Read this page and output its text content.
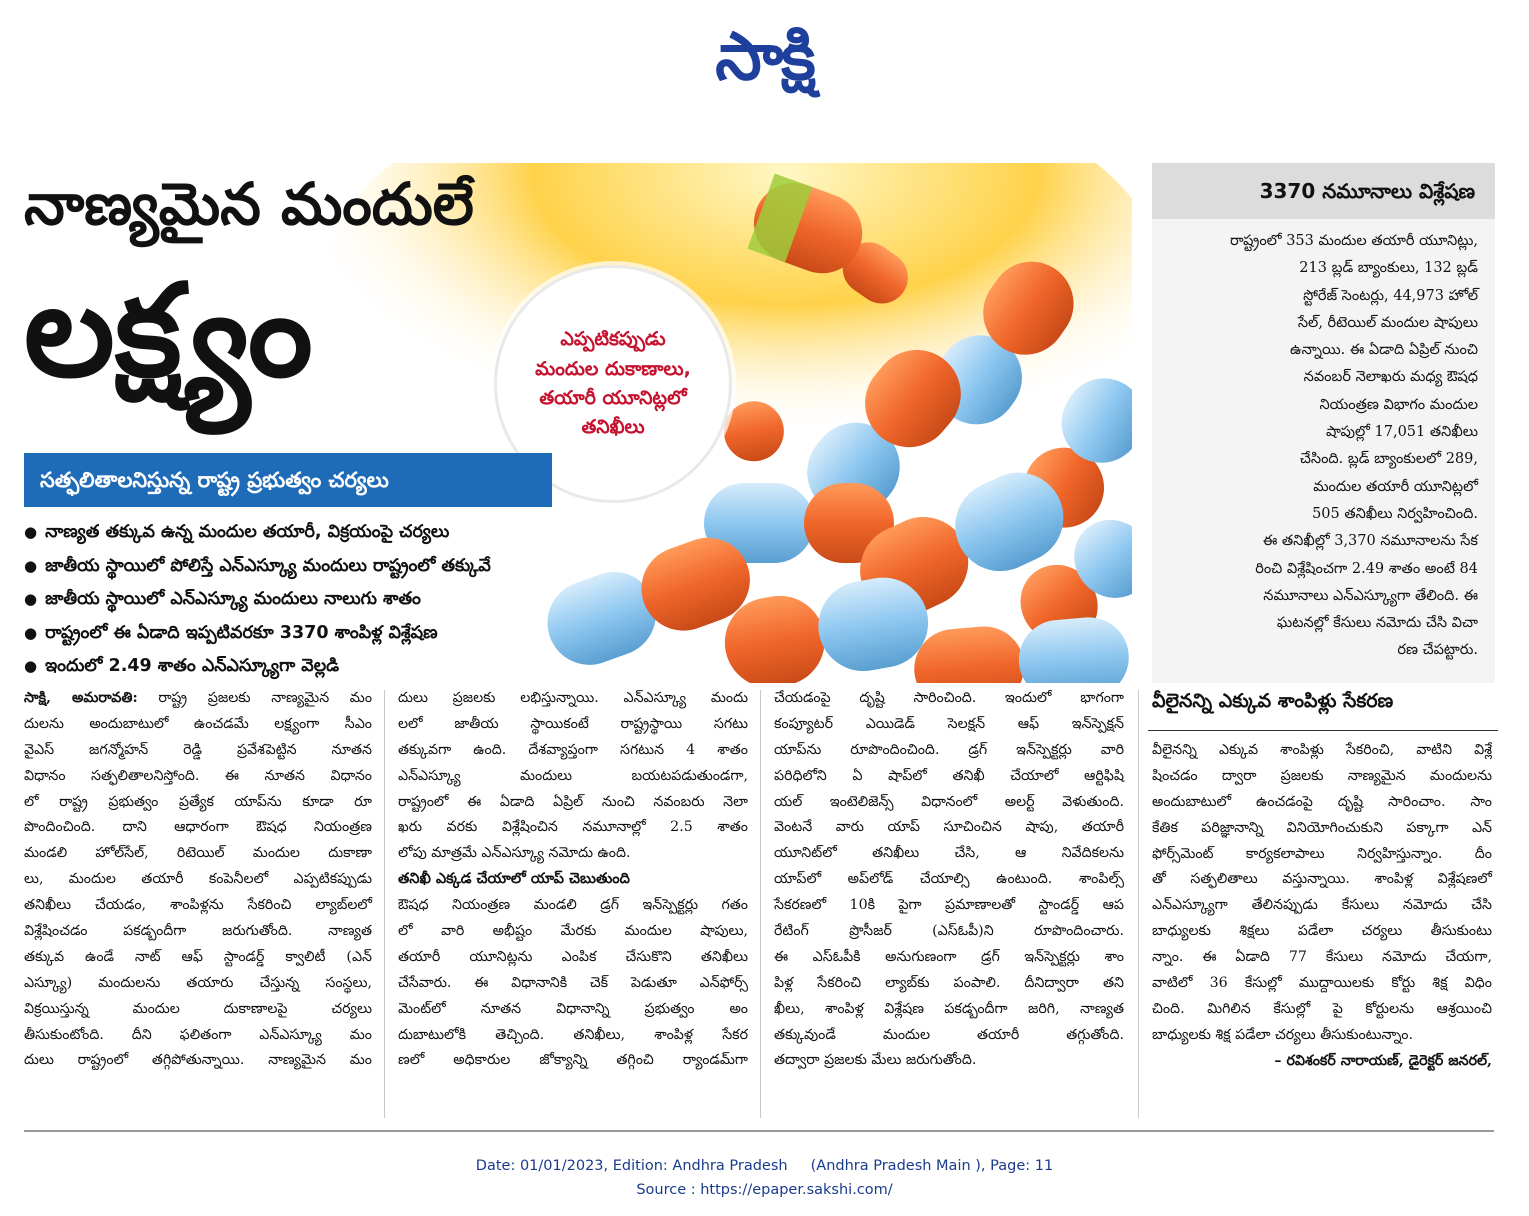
సాక్షి
నాణ్యమైన మందులే
లక్ష్యం	ఎప్పటికప్పుడు
మందుల దుకాణాలు,
తయారీ యూనిట్లలో
తనిఖీలు
సత్ఫలితాలనిస్తున్న రాష్ట్ర ప్రభుత్వం చర్యలు
● నాణ్యత తక్కువ ఉన్న మందుల తయారీ, విక్రయంపై చర్యలు
● జాతీయ స్థాయిలో పోలిస్తే ఎన్ఎస్క్యూ మందులు రాష్ట్రంలో తక్కువే
● జాతీయ స్థాయిలో ఎన్ఎస్క్యూ మందులు నాలుగు శాతం
● రాష్ట్రంలో ఈ ఏడాది ఇప్పటివరకూ 3370 శాంపిళ్ల విశ్లేషణ
● ఇందులో 2.49 శాతం ఎన్ఎస్క్యూగా వెల్లడి
3370 నమూనాలు విశ్లేషణ
రాష్ట్రంలో 353 మందుల తయారీ యూనిట్లు,
213 బ్లడ్ బ్యాంకులు, 132 బ్లడ్
స్టోరేజ్ సెంటర్లు, 44,973 హోల్
సేల్, రీటెయిల్ మందుల షాపులు
ఉన్నాయి. ఈ ఏడాది ఏప్రిల్ నుంచి
నవంబర్ నెలాఖరు మధ్య ఔషధ
నియంత్రణ విభాగం మందుల
షాపుల్లో 17,051 తనిఖీలు
చేసింది. బ్లడ్ బ్యాంకులలో 289,
మందుల తయారీ యూనిట్లలో
505 తనిఖీలు నిర్వహించింది.
ఈ తనిఖీల్లో 3,370 నమూనాలను సేక
రించి విశ్లేషించగా 2.49 శాతం అంటే 84
నమూనాలు ఎన్ఎస్క్యూగా తేలింది. ఈ
ఘటనల్లో కేసులు నమోదు చేసి విచా
రణ చేపట్టారు.
సాక్షి, అమరావతి: రాష్ట్ర ప్రజలకు నాణ్యమైన మం
దులను అందుబాటులో ఉంచడమే లక్ష్యంగా సీఎం
వైఎస్ జగన్మోహన్ రెడ్డి ప్రవేశపెట్టిన నూతన
విధానం సత్ఫలితాలనిస్తోంది. ఈ నూతన విధానం
లో రాష్ట్ర ప్రభుత్వం ప్రత్యేక యాప్‌ను కూడా రూ
పొందించింది. దాని ఆధారంగా ఔషధ నియంత్రణ
మండలి హోల్‌సేల్, రిటెయిల్ మందుల దుకాణా
లు, మందుల తయారీ కంపెనీలలో ఎప్పటికప్పుడు
తనిఖీలు చేయడం, శాంపిళ్లను సేకరించి ల్యాబ్‌లలో
విశ్లేషించడం పకడ్బందీగా జరుగుతోంది. నాణ్యత
తక్కువ ఉండే నాట్ ఆఫ్ స్టాండర్డ్ క్వాలిటీ (ఎన్
ఎస్క్యూ) మందులను తయారు చేస్తున్న సంస్థలు,
విక్రయిస్తున్న మందుల దుకాణాలపై చర్యలు
తీసుకుంటోంది. దీని ఫలితంగా ఎన్ఎస్క్యూ మం
దులు రాష్ట్రంలో తగ్గిపోతున్నాయి. నాణ్యమైన మం
దులు ప్రజలకు లభిస్తున్నాయి. ఎన్ఎస్క్యూ మందు
లలో జాతీయ స్థాయికంటే రాష్ట్రస్థాయి సగటు
తక్కువగా ఉంది. దేశవ్యాప్తంగా సగటున 4 శాతం
ఎన్ఎస్క్యూ మందులు బయటపడుతుండగా,
రాష్ట్రంలో ఈ ఏడాది ఏప్రిల్ నుంచి నవంబరు నెలా
ఖరు వరకు విశ్లేషించిన నమూనాల్లో 2.5 శాతం
లోపు మాత్రమే ఎన్ఎస్క్యూ నమోదు ఉంది.
తనిఖీ ఎక్కడ చేయాలో యాప్ చెబుతుంది
ఔషధ నియంత్రణ మండలి డ్రగ్ ఇన్‌స్పెక్టర్లు గతం
లో వారి అభీష్టం మేరకు మందుల షాపులు,
తయారీ యూనిట్లను ఎంపిక చేసుకొని తనిఖీలు
చేసేవారు. ఈ విధానానికి చెక్ పెడుతూ ఎన్‌ఫోర్స్
మెంట్‌లో నూతన విధానాన్ని ప్రభుత్వం అం
దుబాటులోకి తెచ్చింది. తనిఖీలు, శాంపిళ్ల సేకర
ణలో అధికారుల జోక్యాన్ని తగ్గించి ర్యాండమ్‌గా
చేయడంపై దృష్టి సారించింది. ఇందులో భాగంగా
కంప్యూటర్ ఎయిడెడ్ సెలక్షన్ ఆఫ్ ఇన్‌స్పెక్షన్
యాప్‌ను రూపొందించింది. డ్రగ్ ఇన్‌స్పెక్టర్లు వారి
పరిధిలోని ఏ షాప్‌లో తనిఖీ చేయాలో ఆర్టిఫిషి
యల్ ఇంటెలిజెన్స్ విధానంలో అలర్ట్ వెళుతుంది.
వెంటనే వారు యాప్ సూచించిన షాపు, తయారీ
యూనిట్‌లో తనిఖీలు చేసి, ఆ నివేదికలను
యాప్‌లో అప్‌లోడ్ చేయాల్సి ఉంటుంది. శాంపిల్స్
సేకరణలో 10కి పైగా ప్రమాణాలతో స్టాండర్డ్ ఆప
రేటింగ్ ప్రొసీజర్ (ఎస్ఓపీ)ని రూపొందించారు.
ఈ ఎస్ఓపీకి అనుగుణంగా డ్రగ్ ఇన్‌స్పెక్టర్లు శాం
పిళ్ల సేకరించి ల్యాబ్‌కు పంపాలి. దీనిద్వారా తని
ఖీలు, శాంపిళ్ల విశ్లేషణ పకడ్బందీగా జరిగి, నాణ్యత
తక్కువుండే మందుల తయారీ తగ్గుతోంది.
తద్వారా ప్రజలకు మేలు జరుగుతోంది.
వీలైనన్ని ఎక్కువ శాంపిళ్లు సేకరణ
వీలైనన్ని ఎక్కువ శాంపిళ్లు సేకరించి, వాటిని విశ్లే
షించడం ద్వారా ప్రజలకు నాణ్యమైన మందులను
అందుబాటులో ఉంచడంపై దృష్టి సారించాం. సాం
కేతిక పరిజ్ఞానాన్ని వినియోగించుకుని పక్కాగా ఎన్
ఫోర్స్‌మెంట్ కార్యకలాపాలు నిర్వహిస్తున్నాం. దీం
తో సత్ఫలితాలు వస్తున్నాయి. శాంపిళ్ల విశ్లేషణలో
ఎన్ఎస్క్యూగా తేలినప్పుడు కేసులు నమోదు చేసి
బాధ్యులకు శిక్షలు పడేలా చర్యలు తీసుకుంటు
న్నాం. ఈ ఏడాది 77 కేసులు నమోదు చేయగా,
వాటిలో 36 కేసుల్లో ముద్దాయిలకు కోర్టు శిక్ష విధిం
చింది. మిగిలిన కేసుల్లో పై కోర్టులను ఆశ్రయించి
బాధ్యులకు శిక్ష పడేలా చర్యలు తీసుకుంటున్నాం.
– రవిశంకర్ నారాయణ్, డైరెక్టర్ జనరల్,
Date: 01/01/2023, Edition: Andhra Pradesh     (Andhra Pradesh Main ), Page: 11
Source : https://epaper.sakshi.com/
